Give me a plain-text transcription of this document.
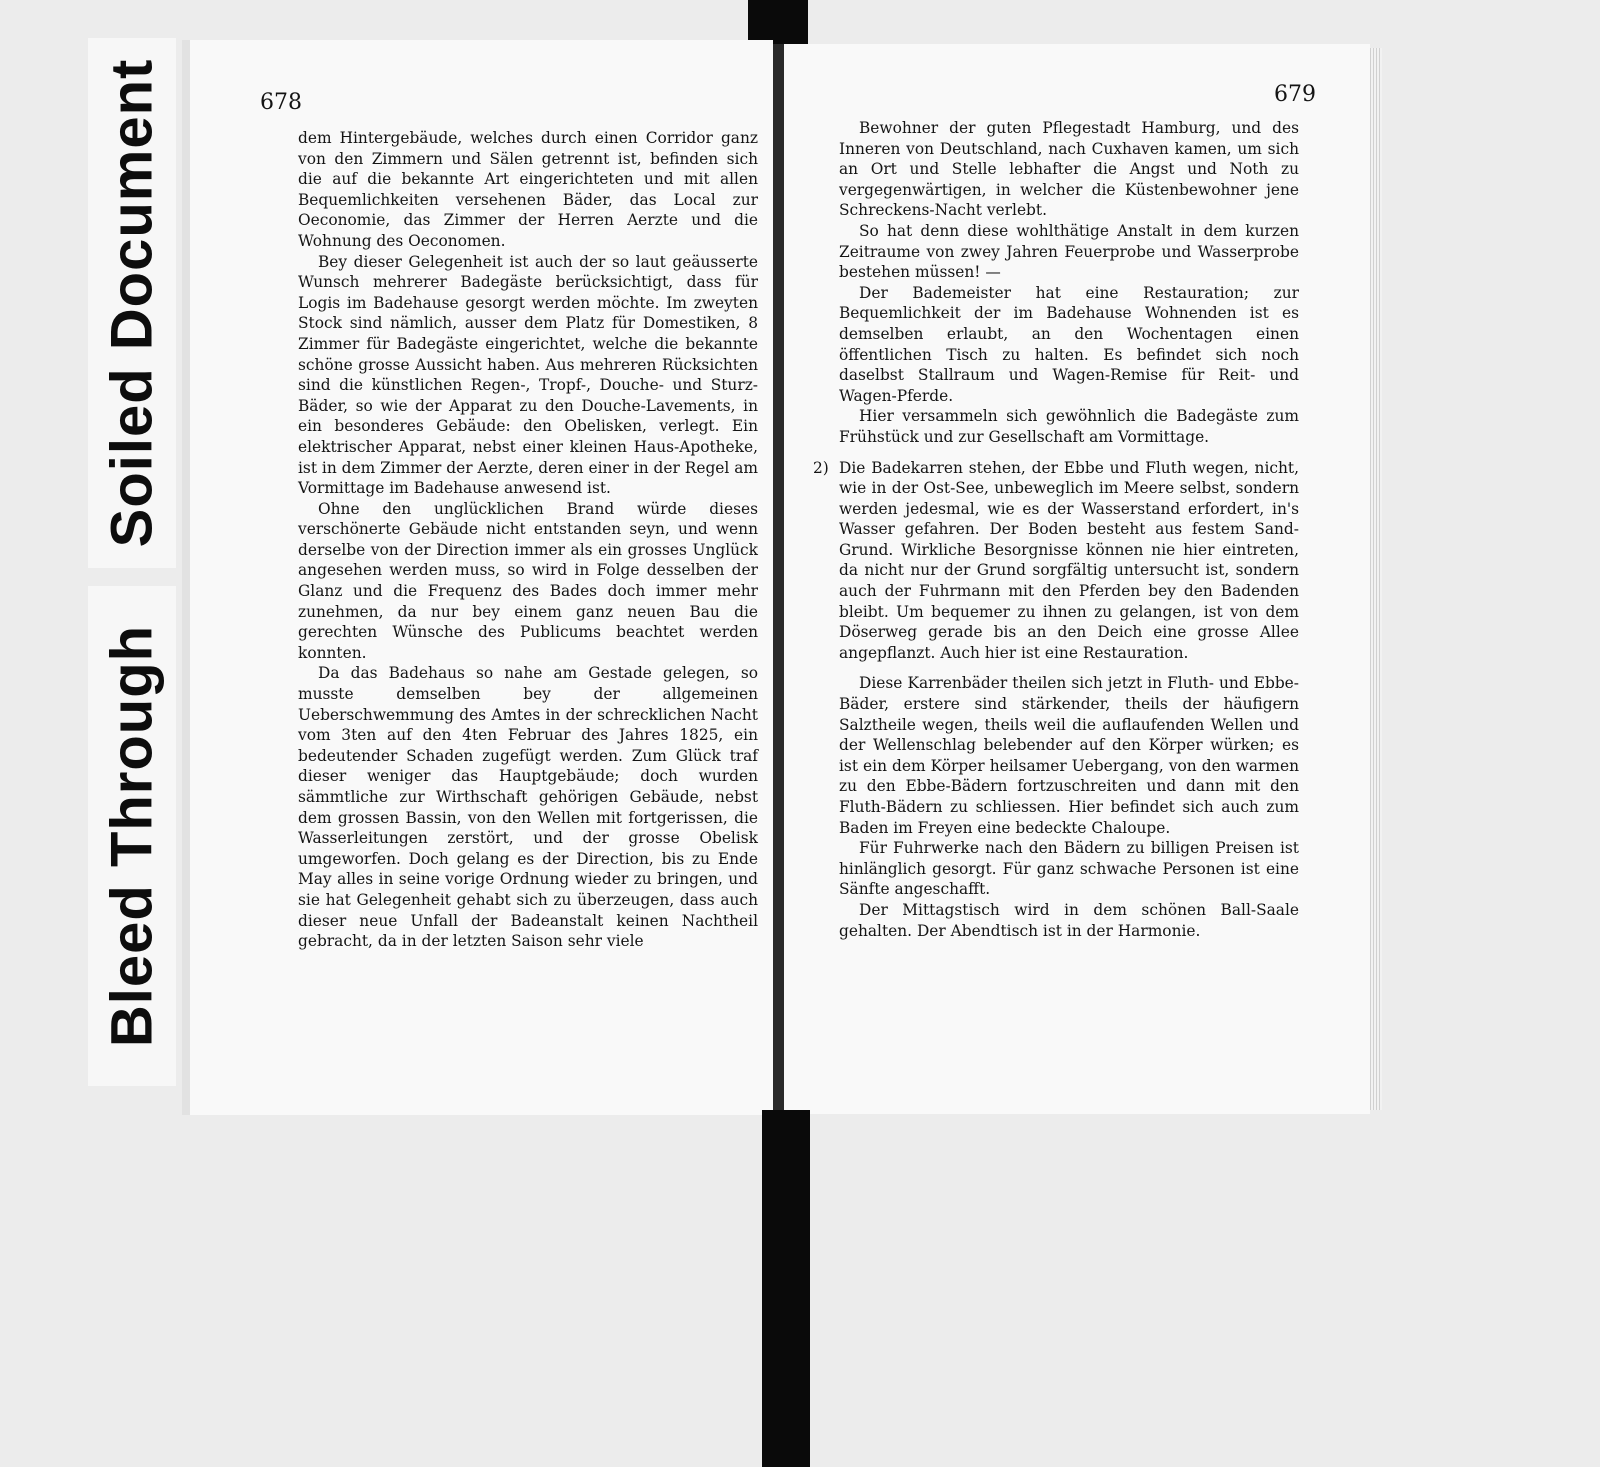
Soiled Document
Bleed Through
678

dem Hintergebäude, welches durch einen Corridor ganz von den Zimmern und Sälen getrennt ist, befinden sich die auf die bekannte Art eingerichteten und mit allen Bequemlichkeiten versehenen Bäder, das Local zur Oeconomie, das Zimmer der Herren Aerzte und die Wohnung des Oeconomen.

Bey dieser Gelegenheit ist auch der so laut geäusserte Wunsch mehrerer Badegäste berücksichtigt, dass für Logis im Badehause gesorgt werden möchte. Im zweyten Stock sind nämlich, ausser dem Platz für Domestiken, 8 Zimmer für Badegäste eingerichtet, welche die bekannte schöne grosse Aussicht haben. Aus mehreren Rücksichten sind die künstlichen Regen-, Tropf-, Douche- und Sturz-Bäder, so wie der Apparat zu den Douche-Lavements, in ein besonderes Gebäude: den Obelisken, verlegt. Ein elektrischer Apparat, nebst einer kleinen Haus-Apotheke, ist in dem Zimmer der Aerzte, deren einer in der Regel am Vormittage im Badehause anwesend ist.

Ohne den unglücklichen Brand würde dieses verschönerte Gebäude nicht entstanden seyn, und wenn derselbe von der Direction immer als ein grosses Unglück angesehen werden muss, so wird in Folge desselben der Glanz und die Frequenz des Bades doch immer mehr zunehmen, da nur bey einem ganz neuen Bau die gerechten Wünsche des Publicums beachtet werden konnten.

Da das Badehaus so nahe am Gestade gelegen, so musste demselben bey der allgemeinen Ueberschwemmung des Amtes in der schrecklichen Nacht vom 3ten auf den 4ten Februar des Jahres 1825, ein bedeutender Schaden zugefügt werden. Zum Glück traf dieser weniger das Hauptgebäude; doch wurden sämmtliche zur Wirthschaft gehörigen Gebäude, nebst dem grossen Bassin, von den Wellen mit fortgerissen, die Wasserleitungen zerstört, und der grosse Obelisk umgeworfen. Doch gelang es der Direction, bis zu Ende May alles in seine vorige Ordnung wieder zu bringen, und sie hat Gelegenheit gehabt sich zu überzeugen, dass auch dieser neue Unfall der Badeanstalt keinen Nachtheil gebracht, da in der letzten Saison sehr viele

679

Bewohner der guten Pflegestadt Hamburg, und des Inneren von Deutschland, nach Cuxhaven kamen, um sich an Ort und Stelle lebhafter die Angst und Noth zu vergegenwärtigen, in welcher die Küstenbewohner jene Schreckens-Nacht verlebt.

So hat denn diese wohlthätige Anstalt in dem kurzen Zeitraume von zwey Jahren Feuerprobe und Wasserprobe bestehen müssen! —

Der Bademeister hat eine Restauration; zur Bequemlichkeit der im Badehause Wohnenden ist es demselben erlaubt, an den Wochentagen einen öffentlichen Tisch zu halten. Es befindet sich noch daselbst Stallraum und Wagen-Remise für Reit- und Wagen-Pferde.

Hier versammeln sich gewöhnlich die Badegäste zum Frühstück und zur Gesellschaft am Vormittage.

2) Die Badekarren stehen, der Ebbe und Fluth wegen, nicht, wie in der Ost-See, unbeweglich im Meere selbst, sondern werden jedesmal, wie es der Wasserstand erfordert, in's Wasser gefahren. Der Boden besteht aus festem Sand-Grund. Wirkliche Besorgnisse können nie hier eintreten, da nicht nur der Grund sorgfältig untersucht ist, sondern auch der Fuhrmann mit den Pferden bey den Badenden bleibt. Um bequemer zu ihnen zu gelangen, ist von dem Döserweg gerade bis an den Deich eine grosse Allee angepflanzt. Auch hier ist eine Restauration.

Diese Karrenbäder theilen sich jetzt in Fluth- und Ebbe-Bäder, erstere sind stärkender, theils der häufigern Salztheile wegen, theils weil die auflaufenden Wellen und der Wellenschlag belebender auf den Körper würken; es ist ein dem Körper heilsamer Uebergang, von den warmen zu den Ebbe-Bädern fortzuschreiten und dann mit den Fluth-Bädern zu schliessen. Hier befindet sich auch zum Baden im Freyen eine bedeckte Chaloupe.

Für Fuhrwerke nach den Bädern zu billigen Preisen ist hinlänglich gesorgt. Für ganz schwache Personen ist eine Sänfte angeschafft.

Der Mittagstisch wird in dem schönen Ball-Saale gehalten. Der Abendtisch ist in der Harmonie.
